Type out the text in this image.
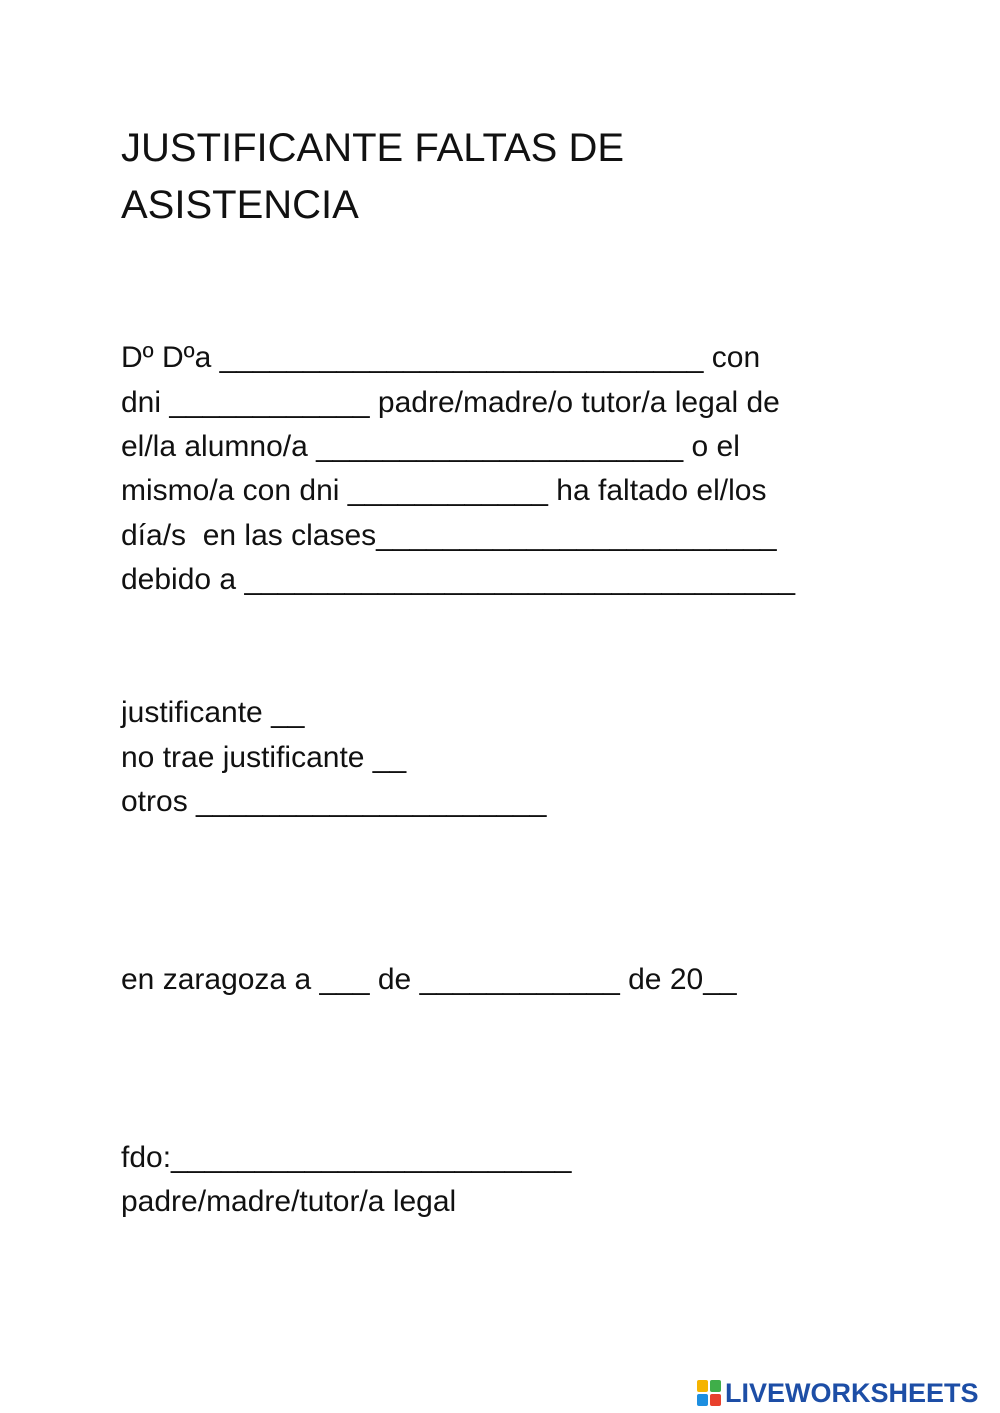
JUSTIFICANTE FALTAS DE
ASISTENCIA

Dº Dºa _____________________________ con

dni ____________ padre/madre/o tutor/a legal de

el/la alumno/a ______________________ o el

mismo/a con dni ____________ ha faltado el/los

día/s  en las clases________________________

debido a _________________________________

justificante __

no trae justificante __

otros _____________________

en zaragoza a ___ de ____________ de 20__

fdo:________________________

padre/madre/tutor/a legal

LIVEWORKSHEETS
